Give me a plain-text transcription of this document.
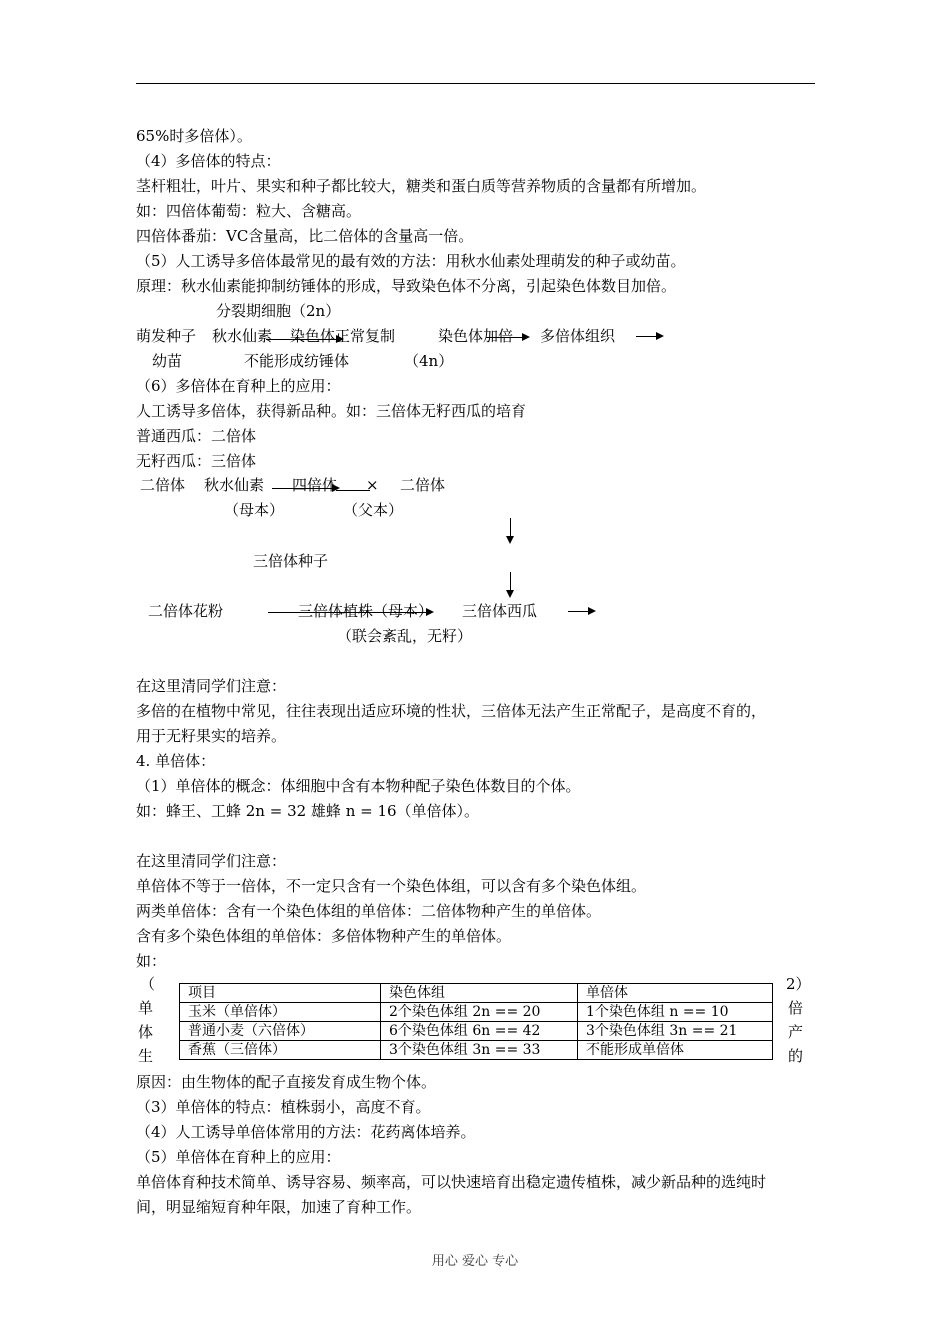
65%时多倍体）。
（4）多倍体的特点：
茎杆粗壮，叶片、果实和种子都比较大，糖类和蛋白质等营养物质的含量都有所增加。
如：四倍体葡萄：粒大、含糖高。
四倍体番茄：VC含量高，比二倍体的含量高一倍。
（5）人工诱导多倍体最常见的最有效的方法：用秋水仙素处理萌发的种子或幼苗。
原理：秋水仙素能抑制纺锤体的形成，导致染色体不分离，引起染色体数目加倍。
分裂期细胞（2n）
萌发种子 秋水仙素 染色体正常复制	染色体加倍 多倍体组织
幼苗	不能形成纺锤体	（4n）
（6）多倍体在育种上的应用：
人工诱导多倍体，获得新品种。如：三倍体无籽西瓜的培育
普通西瓜：二倍体
无籽西瓜：三倍体
二倍体 秋水仙素 四倍体 × 二倍体
（母本）	（父本）
三倍体种子
二倍体花粉	三倍体植株（母本） 三倍体西瓜
（联会紊乱，无籽）
在这里清同学们注意：
多倍的在植物中常见，往往表现出适应环境的性状，三倍体无法产生正常配子，是高度不育的，
用于无籽果实的培养。
4. 单倍体：
（1）单倍体的概念：体细胞中含有本物种配子染色体数目的个体。
如：蜂王、工蜂 2n = 32 雄蜂 n = 16（单倍体）。
在这里清同学们注意：
单倍体不等于一倍体，不一定只含有一个染色体组，可以含有多个染色体组。
两类单倍体：含有一个染色体组的单倍体：二倍体物种产生的单倍体。
含有多个染色体组的单倍体：多倍体物种产生的单倍体。
如：
（
单
体
生
2）
倍
产
的
项目	染色体组	单倍体
玉米（单倍体）	2个染色体组 2n == 20	1个染色体组 n == 10
普通小麦（六倍体）	6个染色体组 6n == 42	3个染色体组 3n == 21
香蕉（三倍体）	3个染色体组 3n == 33	不能形成单倍体
原因：由生物体的配子直接发育成生物个体。
（3）单倍体的特点：植株弱小，高度不育。
（4）人工诱导单倍体常用的方法：花药离体培养。
（5）单倍体在育种上的应用：
单倍体育种技术简单、诱导容易、频率高，可以快速培育出稳定遗传植株，减少新品种的选纯时
间，明显缩短育种年限，加速了育种工作。
用心 爱心 专心
